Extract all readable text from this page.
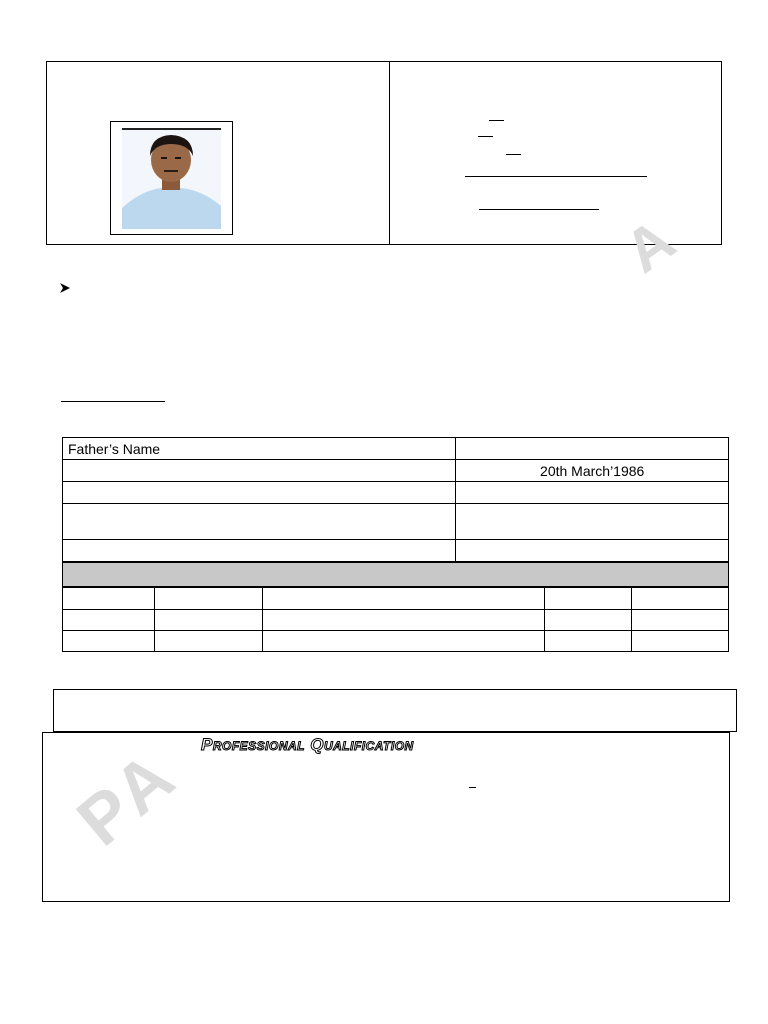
A
PA
Father’s Name	
	20th March’1986

Professional Qualification
